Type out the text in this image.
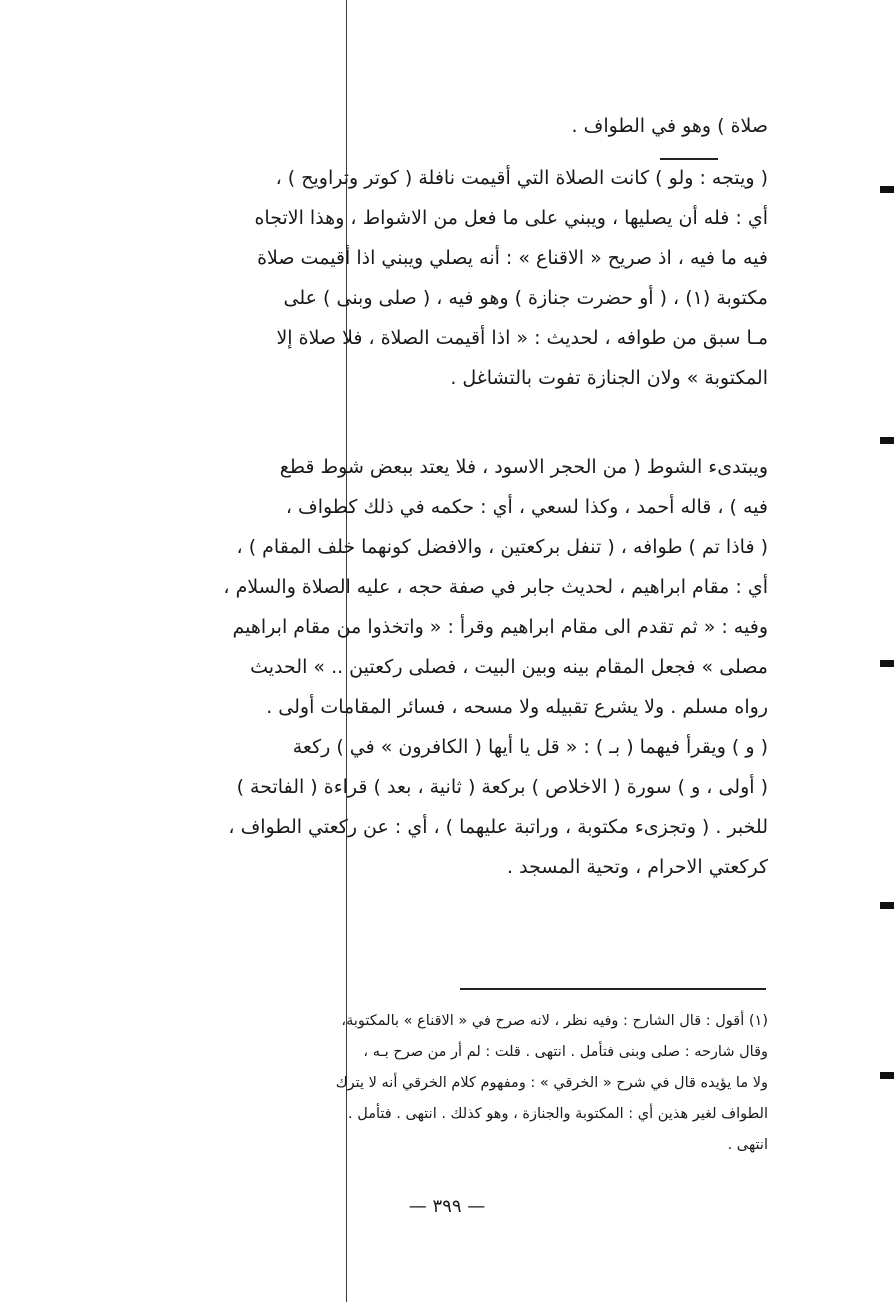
صلاة ) وهو في الطواف .
( ويتجه : ولو ) كانت الصلاة التي أقيمت نافلة ( كوتر وتراويح ) ،
أي : فله أن يصليها ، ويبني على ما فعل من الاشواط ، وهذا الاتجاه
فيه ما فيه ، اذ صريح « الاقناع » : أنه يصلي ويبني اذا أقيمت صلاة
مكتوبة (١) ، ( أو حضرت جنازة ) وهو فيه ، ( صلى وبنى ) على
مـا سبق من طوافه ، لحديث : « اذا أقيمت الصلاة ، فلا صلاة إلا
المكتوبة » ولان الجنازة تفوت بالتشاغل .
ويبتدىء الشوط ( من الحجر الاسود ، فلا يعتد ببعض شوط قطع
فيه ) ، قاله أحمد ، وكذا لسعي ، أي : حكمه في ذلك كطواف ،
( فاذا تم ) طوافه ، ( تنفل بركعتين ، والافضل كونهما خلف المقام ) ،
أي : مقام ابراهيم ، لحديث جابر في صفة حجه ، عليه الصلاة والسلام ،
وفيه : « ثم تقدم الى مقام ابراهيم وقرأ : « واتخذوا من مقام ابراهيم
مصلى » فجعل المقام بينه وبين البيت ، فصلى ركعتين .. » الحديث
رواه مسلم . ولا يشرع تقبيله ولا مسحه ، فسائر المقامات أولى .
( و ) ويقرأ فيهما ( بـ ) : « قل يا أيها ( الكافرون » في ) ركعة
( أولى ، و ) سورة ( الاخلاص ) بركعة ( ثانية ، بعد ) قراءة ( الفاتحة )
للخبر . ( وتجزىء مكتوبة ، وراتبة عليهما ) ، أي : عن ركعتي الطواف ،
كركعتي الاحرام ، وتحية المسجد .
(١) أقول : قال الشارح : وفيه نظر ، لانه صرح في « الاقناع » بالمكتوبة،
وقال شارحه : صلى وبنى فتأمل . انتهى . قلت : لم أر من صرح بـه ،
ولا ما يؤيده قال في شرح « الخرقي » : ومفهوم كلام الخرقي أنه لا يترك
الطواف لغير هذين أي : المكتوبة والجنازة ، وهو كذلك . انتهى . فتأمل .
انتهى .
— ٣٩٩ —
